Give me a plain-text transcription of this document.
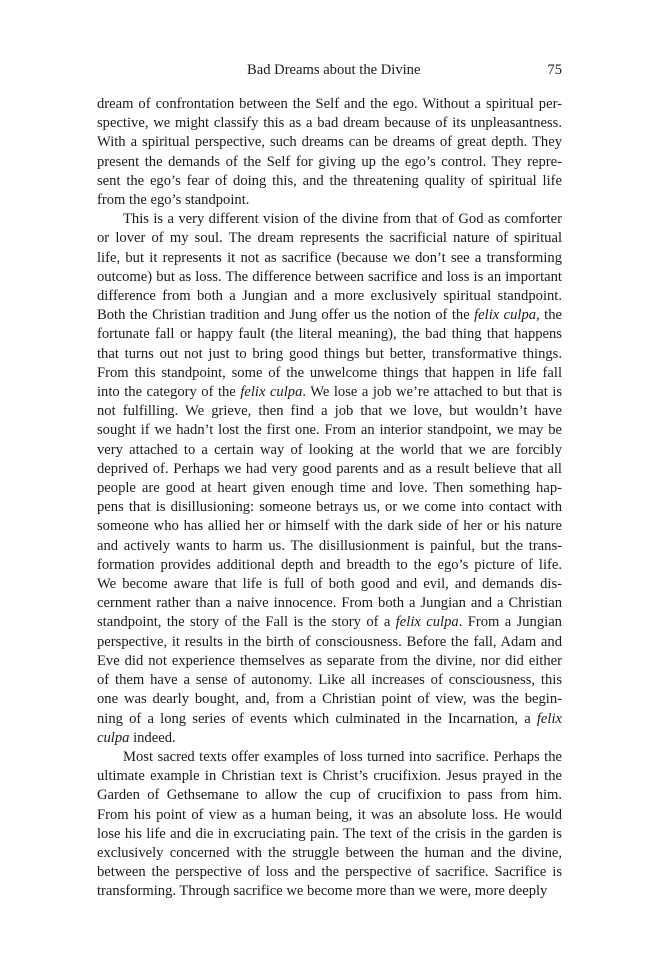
Bad Dreams about the Divine	75
dream of confrontation between the Self and the ego. Without a spiritual per-
spective, we might classify this as a bad dream because of its unpleasantness.
With a spiritual perspective, such dreams can be dreams of great depth. They
present the demands of the Self for giving up the ego’s control. They repre-
sent the ego’s fear of doing this, and the threatening quality of spiritual life
from the ego’s standpoint.
This is a very different vision of the divine from that of God as comforter
or lover of my soul. The dream represents the sacrificial nature of spiritual
life, but it represents it not as sacrifice (because we don’t see a transforming
outcome) but as loss. The difference between sacrifice and loss is an important
difference from both a Jungian and a more exclusively spiritual standpoint.
Both the Christian tradition and Jung offer us the notion of the felix culpa, the
fortunate fall or happy fault (the literal meaning), the bad thing that happens
that turns out not just to bring good things but better, transformative things.
From this standpoint, some of the unwelcome things that happen in life fall
into the category of the felix culpa. We lose a job we’re attached to but that is
not fulfilling. We grieve, then find a job that we love, but wouldn’t have
sought if we hadn’t lost the first one. From an interior standpoint, we may be
very attached to a certain way of looking at the world that we are forcibly
deprived of. Perhaps we had very good parents and as a result believe that all
people are good at heart given enough time and love. Then something hap-
pens that is disillusioning: someone betrays us, or we come into contact with
someone who has allied her or himself with the dark side of her or his nature
and actively wants to harm us. The disillusionment is painful, but the trans-
formation provides additional depth and breadth to the ego’s picture of life.
We become aware that life is full of both good and evil, and demands dis-
cernment rather than a naive innocence. From both a Jungian and a Christian
standpoint, the story of the Fall is the story of a felix culpa. From a Jungian
perspective, it results in the birth of consciousness. Before the fall, Adam and
Eve did not experience themselves as separate from the divine, nor did either
of them have a sense of autonomy. Like all increases of consciousness, this
one was dearly bought, and, from a Christian point of view, was the begin-
ning of a long series of events which culminated in the Incarnation, a felix
culpa indeed.
Most sacred texts offer examples of loss turned into sacrifice. Perhaps the
ultimate example in Christian text is Christ’s crucifixion. Jesus prayed in the
Garden of Gethsemane to allow the cup of crucifixion to pass from him.
From his point of view as a human being, it was an absolute loss. He would
lose his life and die in excruciating pain. The text of the crisis in the garden is
exclusively concerned with the struggle between the human and the divine,
between the perspective of loss and the perspective of sacrifice. Sacrifice is
transforming. Through sacrifice we become more than we were, more deeply
